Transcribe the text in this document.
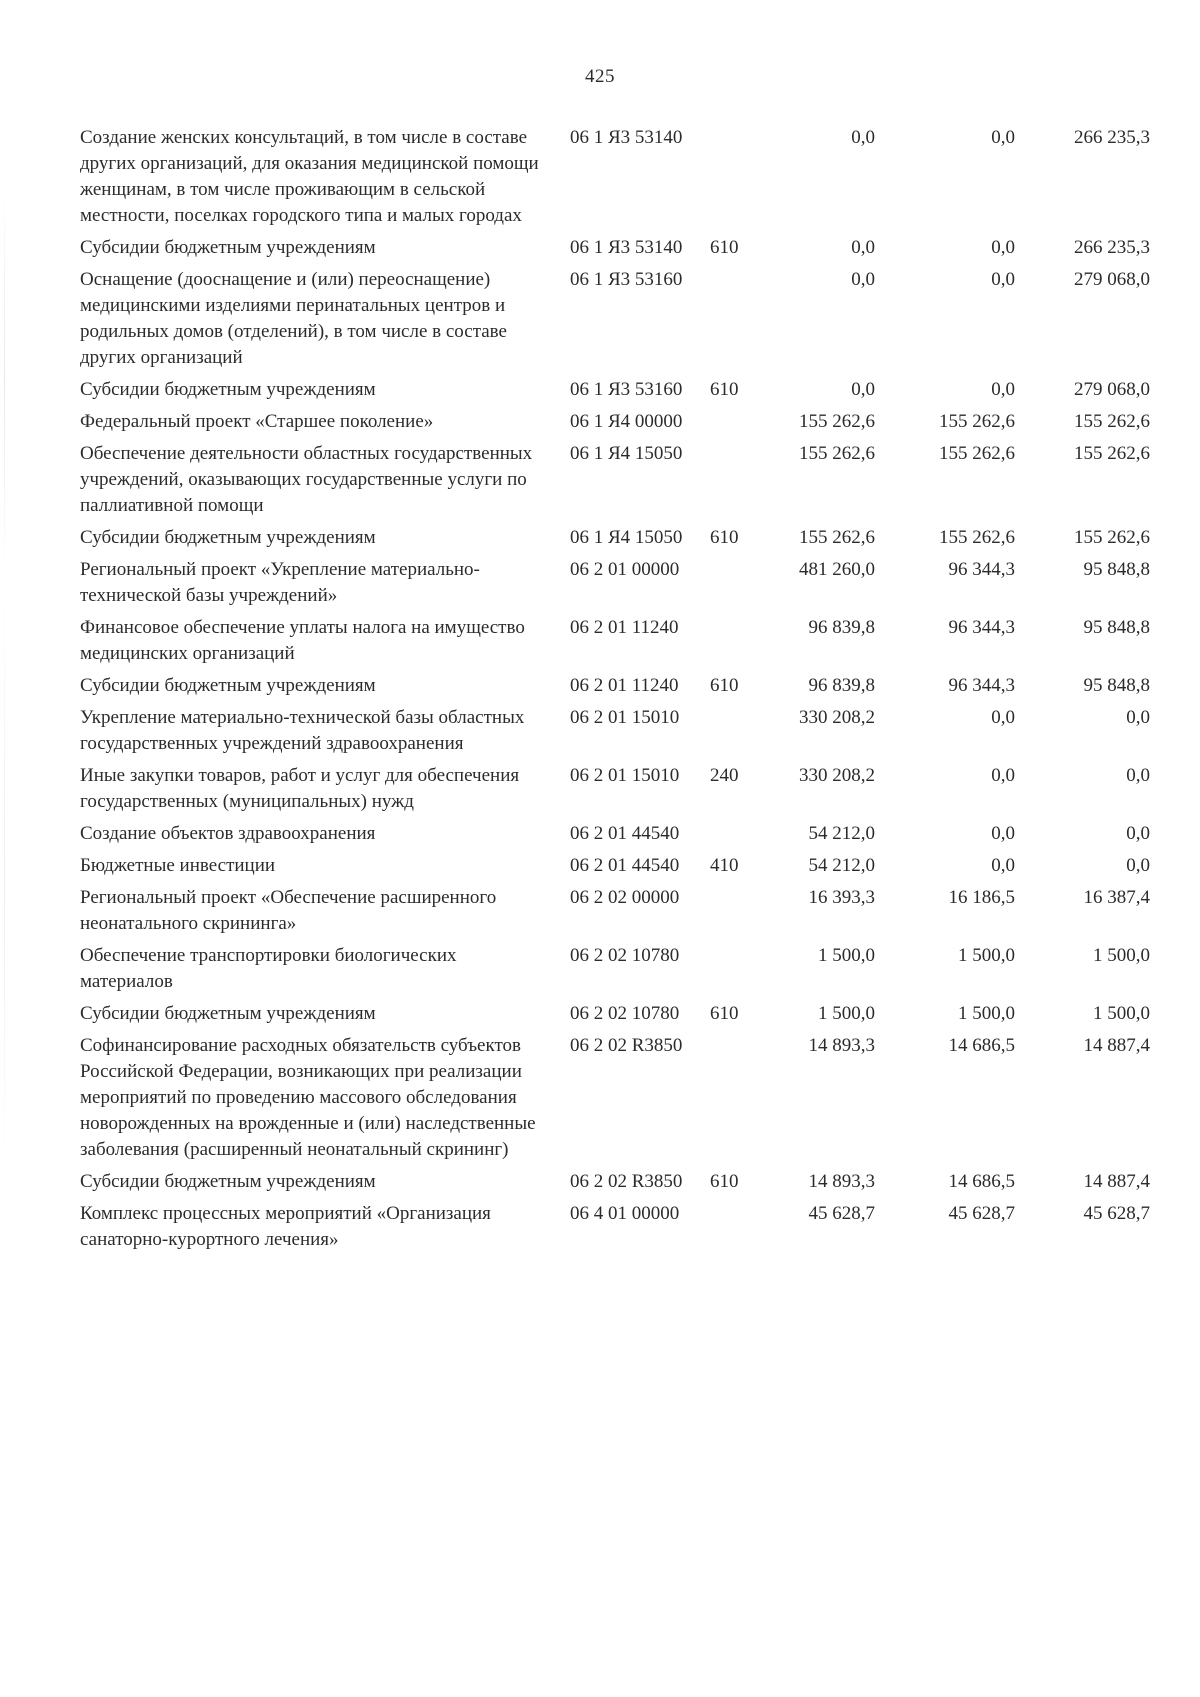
425
Создание женских консультаций, в том числе в составе других организаций, для оказания медицинской помощи женщинам, в том числе проживающим в сельской местности, поселках городского типа и малых городах	06 1 Я3 53140		0,0	0,0	266 235,3
Субсидии бюджетным учреждениям	06 1 Я3 53140	610	0,0	0,0	266 235,3
Оснащение (дооснащение и (или) переоснащение) медицинскими изделиями перинатальных центров и родильных домов (отделений), в том числе в составе других организаций	06 1 Я3 53160		0,0	0,0	279 068,0
Субсидии бюджетным учреждениям	06 1 Я3 53160	610	0,0	0,0	279 068,0
Федеральный проект «Старшее поколение»	06 1 Я4 00000		155 262,6	155 262,6	155 262,6
Обеспечение деятельности областных государственных учреждений, оказывающих государственные услуги по паллиативной помощи	06 1 Я4 15050		155 262,6	155 262,6	155 262,6
Субсидии бюджетным учреждениям	06 1 Я4 15050	610	155 262,6	155 262,6	155 262,6
Региональный проект «Укрепление материально-технической базы учреждений»	06 2 01 00000		481 260,0	96 344,3	95 848,8
Финансовое обеспечение уплаты налога на имущество медицинских организаций	06 2 01 11240		96 839,8	96 344,3	95 848,8
Субсидии бюджетным учреждениям	06 2 01 11240	610	96 839,8	96 344,3	95 848,8
Укрепление материально-технической базы областных государственных учреждений здравоохранения	06 2 01 15010		330 208,2	0,0	0,0
Иные закупки товаров, работ и услуг для обеспечения государственных (муниципальных) нужд	06 2 01 15010	240	330 208,2	0,0	0,0
Создание объектов здравоохранения	06 2 01 44540		54 212,0	0,0	0,0
Бюджетные инвестиции	06 2 01 44540	410	54 212,0	0,0	0,0
Региональный проект «Обеспечение расширенного неонатального скрининга»	06 2 02 00000		16 393,3	16 186,5	16 387,4
Обеспечение транспортировки биологических материалов	06 2 02 10780		1 500,0	1 500,0	1 500,0
Субсидии бюджетным учреждениям	06 2 02 10780	610	1 500,0	1 500,0	1 500,0
Софинансирование расходных обязательств субъектов Российской Федерации, возникающих при реализации мероприятий по проведению массового обследования новорожденных на врожденные и (или) наследственные заболевания (расширенный неонатальный скрининг)	06 2 02 R3850		14 893,3	14 686,5	14 887,4
Субсидии бюджетным учреждениям	06 2 02 R3850	610	14 893,3	14 686,5	14 887,4
Комплекс процессных мероприятий «Организация санаторно-курортного лечения»	06 4 01 00000		45 628,7	45 628,7	45 628,7
